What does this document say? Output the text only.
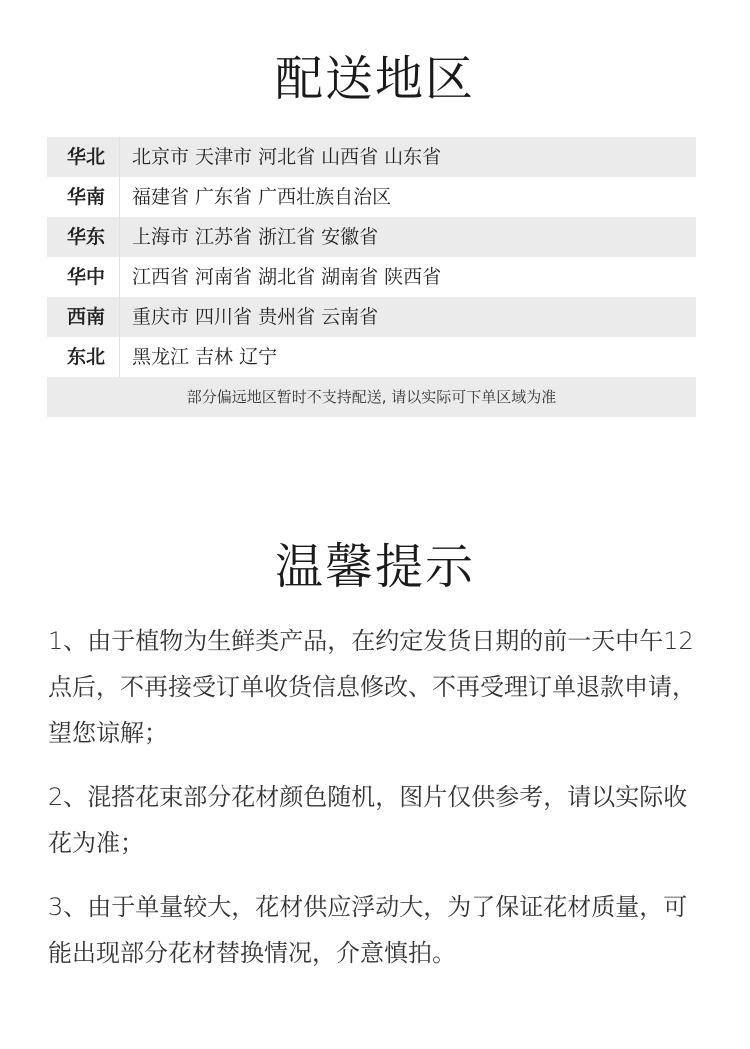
配送地区
华北	北京市 天津市 河北省 山西省 山东省
华南	福建省 广东省 广西壮族自治区
华东	上海市 江苏省 浙江省 安徽省
华中	江西省 河南省 湖北省 湖南省 陕西省
西南	重庆市 四川省 贵州省 云南省
东北	黑龙江 吉林 辽宁
部分偏远地区暂时不支持配送, 请以实际可下单区域为准
温馨提示

1、由于植物为生鲜类产品，在约定发货日期的前一天中午12 点后，不再接受订单收货信息修改、不再受理订单退款申请，望您谅解；

2、混搭花束部分花材颜色随机，图片仅供参考，请以实际收花为准；

3、由于单量较大，花材供应浮动大，为了保证花材质量，可能出现部分花材替换情况，介意慎拍。
